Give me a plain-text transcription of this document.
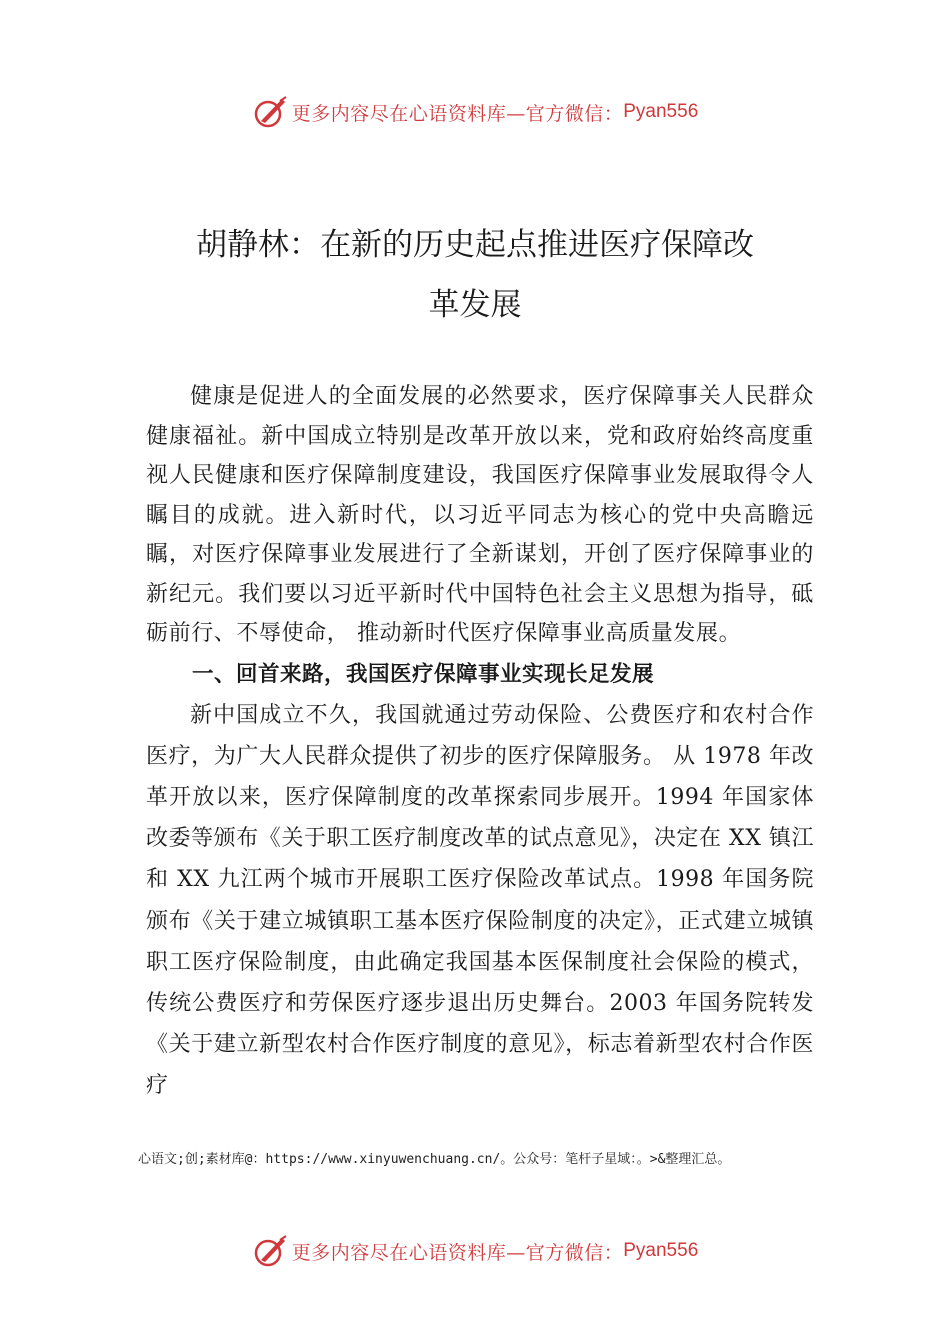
更多内容尽在心语资料库—官方微信： Pyan556
胡静林：在新的历史起点推进医疗保障改
革发展

健康是促进人的全面发展的必然要求，医疗保障事关人民群众健康福祉。新中国成立特别是改革开放以来，党和政府始终高度重视人民健康和医疗保障制度建设，我国医疗保障事业发展取得令人瞩目的成就。进入新时代，以习近平同志为核心的党中央高瞻远瞩，对医疗保障事业发展进行了全新谋划，开创了医疗保障事业的新纪元。我们要以习近平新时代中国特色社会主义思想为指导，砥砺前行、不辱使命， 推动新时代医疗保障事业高质量发展。

一、回首来路，我国医疗保障事业实现长足发展

新中国成立不久，我国就通过劳动保险、公费医疗和农村合作医疗，为广大人民群众提供了初步的医疗保障服务。 从 1978 年改革开放以来，医疗保障制度的改革探索同步展开。1994 年国家体改委等颁布《关于职工医疗制度改革的试点意见》，决定在 XX 镇江和 XX 九江两个城市开展职工医疗保险改革试点。1998 年国务院颁布《关于建立城镇职工基本医疗保险制度的决定》，正式建立城镇职工医疗保险制度，由此确定我国基本医保制度社会保险的模式，传统公费医疗和劳保医疗逐步退出历史舞台。2003 年国务院转发《关于建立新型农村合作医疗制度的意见》，标志着新型农村合作医疗

心语文;创;素材库@：https://www.xinyuwenchuang.cn/。公众号：笔杆子星域：。>&整理汇总。
更多内容尽在心语资料库—官方微信： Pyan556
